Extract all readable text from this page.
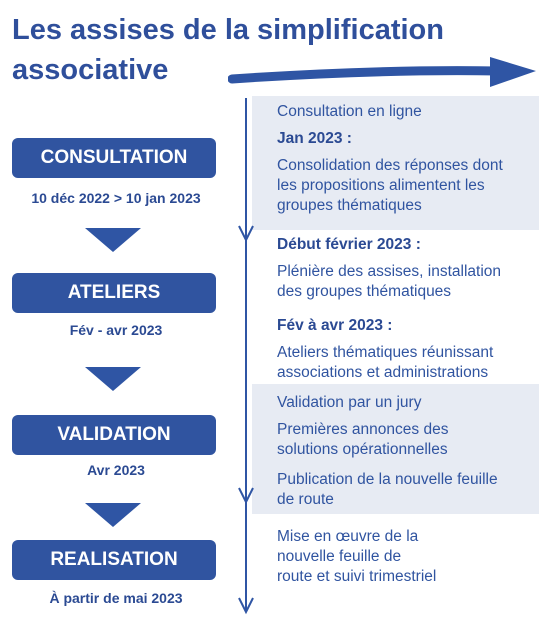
Les assises de la simplification associative
Consultation en ligne
Jan 2023 :
Consolidation des réponses dont
les propositions alimentent les
groupes thématiques
Début février 2023 :
Plénière des assises, installation
des groupes thématiques
Fév à avr 2023 :
Ateliers thématiques réunissant
associations et administrations
Validation par un jury
Premières annonces des
solutions opérationnelles
Publication de la nouvelle feuille
de route
Mise en œuvre de la
nouvelle feuille de
route et suivi trimestriel
CONSULTATION
10 déc 2022 > 10 jan 2023
ATELIERS
Fév - avr 2023
VALIDATION
Avr 2023
REALISATION
À partir de mai 2023
